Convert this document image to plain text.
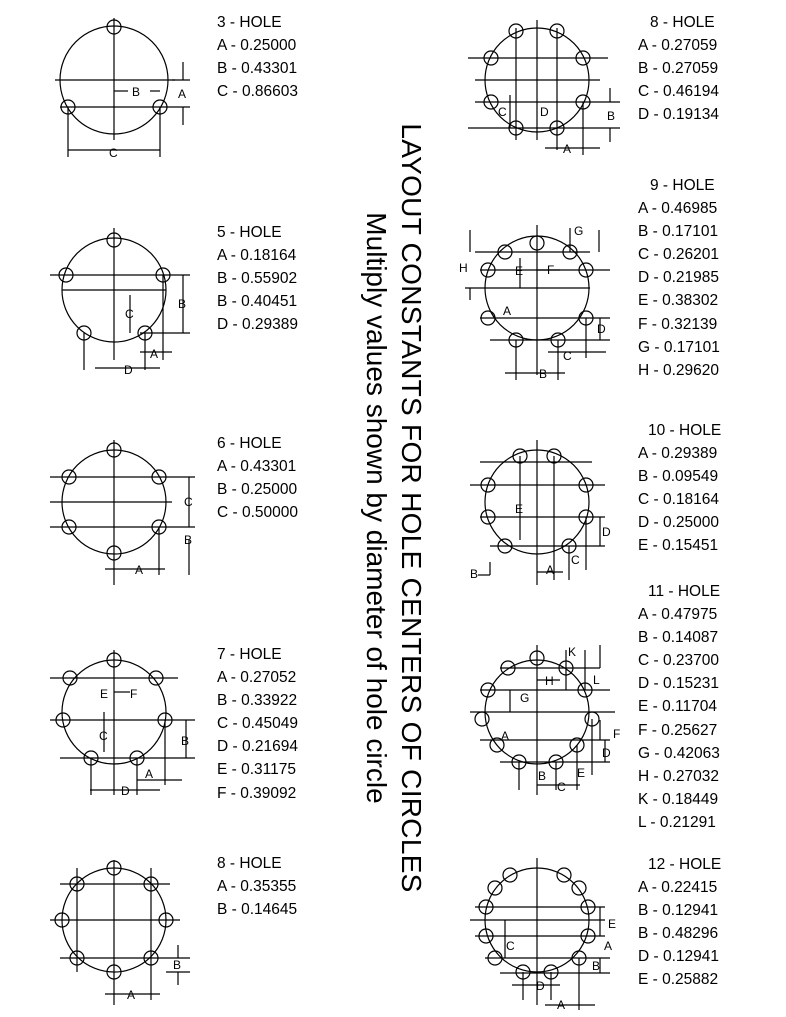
B	A
C
C
B
A
D
C
B
A
E F
C	B
A
D
B
A
C	D	B
A
G
H	E F
A
D
C
B
E
D
C
A
B
K
H	L
G
F
A
D
E
B
C
E
A
C
B
D
A
LAYOUT CONSTANTS FOR HOLE CENTERS OF CIRCLES
Multiply values shown by diameter of hole circle
3 - HOLE
A - 0.25000
B - 0.43301
C - 0.86603
5 - HOLE
A - 0.18164
B - 0.55902
B - 0.40451
D - 0.29389
6 - HOLE
A - 0.43301
B - 0.25000
C - 0.50000
7 - HOLE
A - 0.27052
B - 0.33922
C - 0.45049
D - 0.21694
E - 0.31175
F - 0.39092
8 - HOLE
A - 0.35355
B - 0.14645
8 - HOLE
A - 0.27059
B - 0.27059
C - 0.46194
D - 0.19134
9 - HOLE
A - 0.46985
B - 0.17101
C - 0.26201
D - 0.21985
E - 0.38302
F - 0.32139
G - 0.17101
H - 0.29620
10 - HOLE
A - 0.29389
B - 0.09549
C - 0.18164
D - 0.25000
E - 0.15451
11 - HOLE
A - 0.47975
B - 0.14087
C - 0.23700
D - 0.15231
E - 0.11704
F - 0.25627
G - 0.42063
H - 0.27032
K - 0.18449
L - 0.21291
12 - HOLE
A - 0.22415
B - 0.12941
B - 0.48296
D - 0.12941
E - 0.25882
